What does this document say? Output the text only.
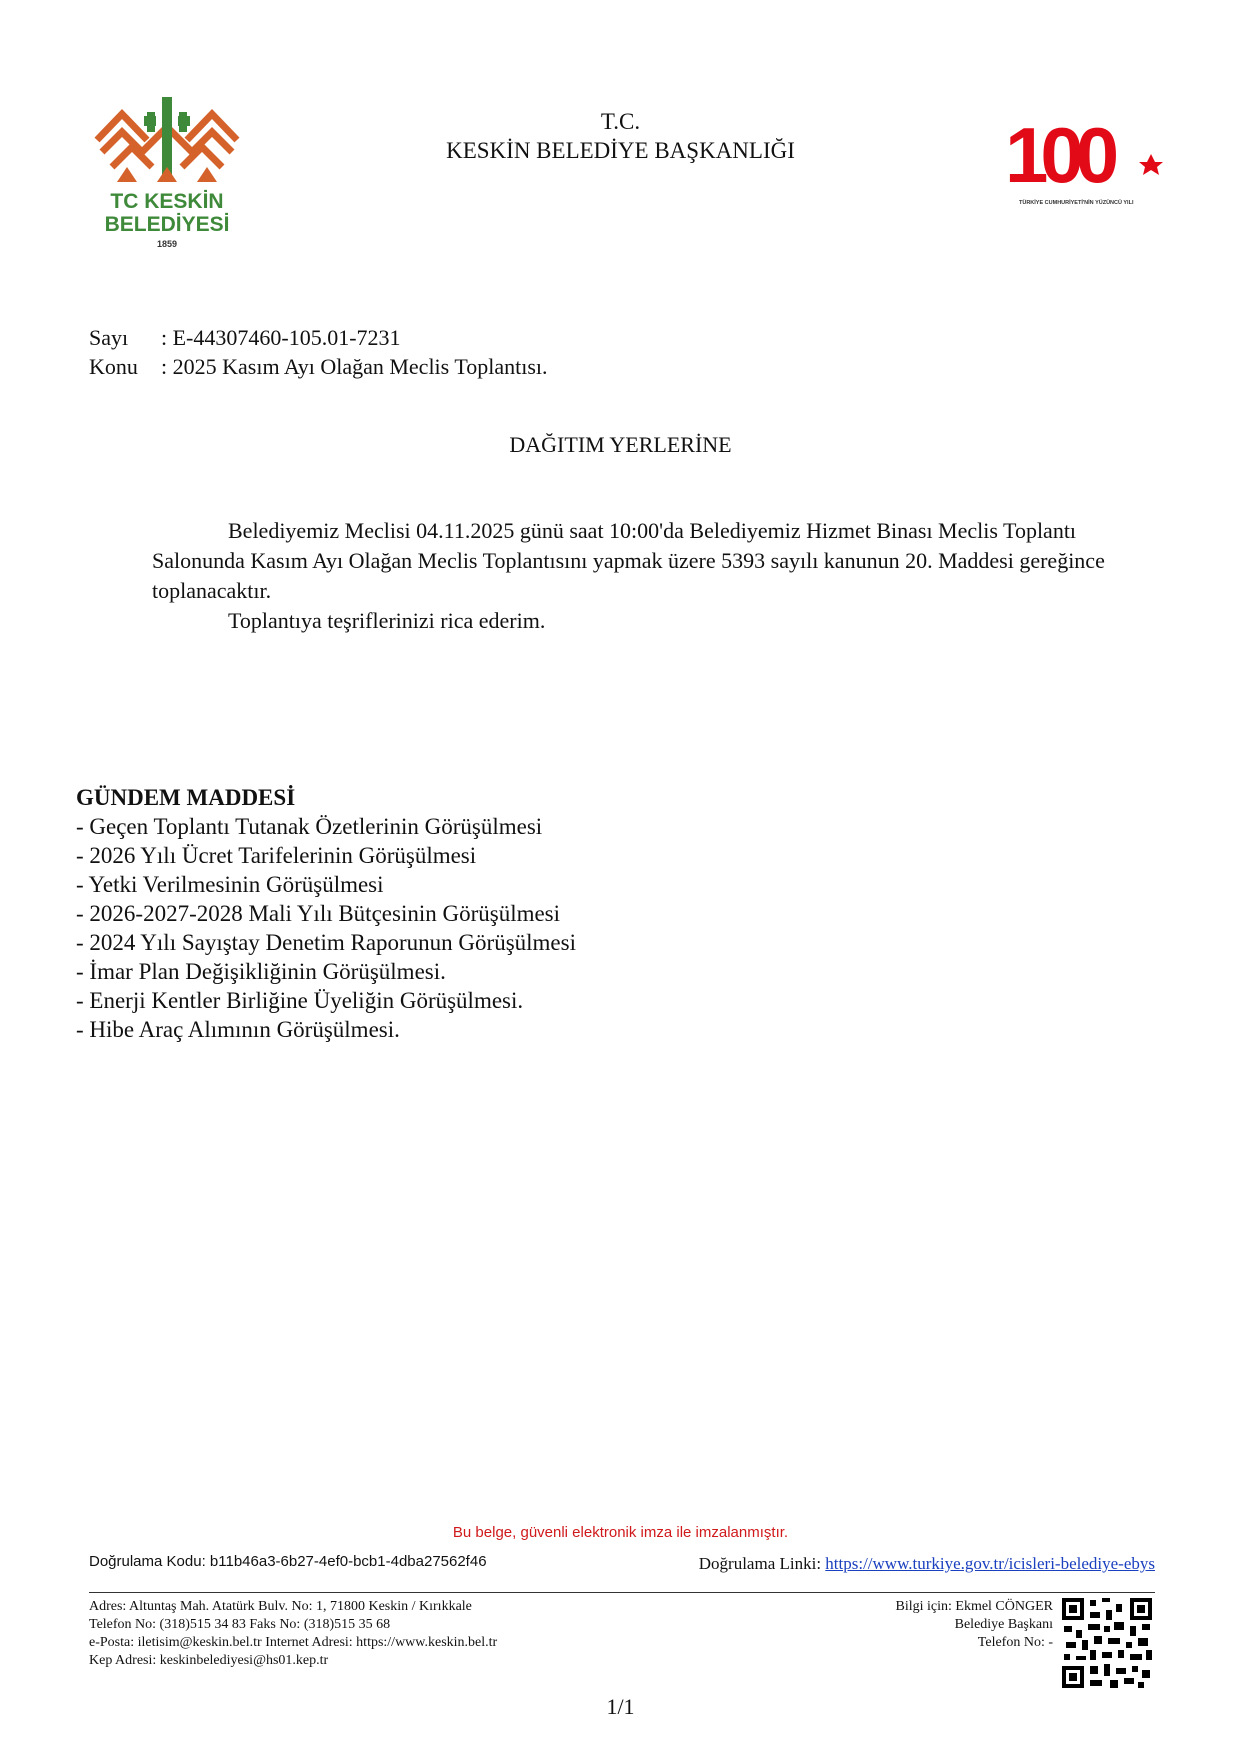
TC KESKİN
BELEDİYESİ
1859
T.C.
KESKİN BELEDİYE BAŞKANLIĞI	100
TÜRKİYE CUMHURİYETİ'NİN YÜZÜNCÜ YILI
Sayı : E-44307460-105.01-7231
Konu : 2025 Kasım Ayı Olağan Meclis Toplantısı.
DAĞITIM YERLERİNE
Belediyemiz Meclisi 04.11.2025 günü saat 10:00'da Belediyemiz Hizmet Binası Meclis Toplantı Salonunda Kasım Ayı Olağan Meclis Toplantısını yapmak üzere 5393 sayılı kanunun 20. Maddesi gereğince toplanacaktır.
Toplantıya teşriflerinizi rica ederim.
GÜNDEM MADDESİ
- Geçen Toplantı Tutanak Özetlerinin Görüşülmesi
- 2026 Yılı Ücret Tarifelerinin Görüşülmesi
- Yetki Verilmesinin Görüşülmesi
- 2026-2027-2028 Mali Yılı Bütçesinin Görüşülmesi
- 2024 Yılı Sayıştay Denetim Raporunun Görüşülmesi
- İmar Plan Değişikliğinin Görüşülmesi.
- Enerji Kentler Birliğine Üyeliğin Görüşülmesi.
- Hibe Araç Alımının Görüşülmesi.
Bu belge, güvenli elektronik imza ile imzalanmıştır.
Doğrulama Kodu: b11b46a3-6b27-4ef0-bcb1-4dba27562f46	Doğrulama Linki: https://www.turkiye.gov.tr/icisleri-belediye-ebys
Adres: Altuntaş Mah. Atatürk Bulv. No: 1, 71800 Keskin / Kırıkkale
Telefon No: (318)515 34 83 Faks No: (318)515 35 68
e-Posta: iletisim@keskin.bel.tr Internet Adresi: https://www.keskin.bel.tr
Kep Adresi: keskinbelediyesi@hs01.kep.tr
Bilgi için: Ekmel CÖNGER
Belediye Başkanı
Telefon No: -
1/1
